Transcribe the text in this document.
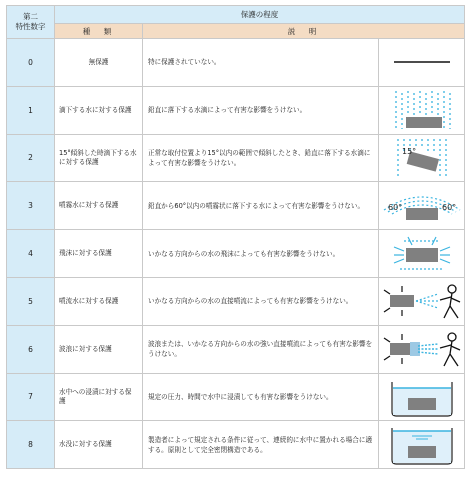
第二
特性数字	保護の程度		
	種　類	説　明	
0	無保護	特に保護されていない。	

1	滴下する水に対する保護	鉛直に落下する水滴によって有害な影響をうけない。	

2	15°傾斜した時滴下する水に対する保護	正常な取付位置より15°以内の範囲で傾斜したとき、鉛直に落下する水滴によって有害な影響をうけない。	15°

3	噴霧水に対する保護	鉛直から60°以内の噴霧状に落下する水によって有害な影響をうけない。	60° 60°

4	飛沫に対する保護	いかなる方向からの水の飛沫によっても有害な影響をうけない。	

5	噴流水に対する保護	いかなる方向からの水の直接噴流によっても有害な影響をうけない。	

6	波浪に対する保護	波浪または、いかなる方向からの水の強い直接噴流によっても有害な影響をうけない。	

7	水中への浸漬に対する保護	規定の圧力、時間で水中に浸漬しても有害な影響をうけない。	

8	水没に対する保護	製造者によって規定される条件に従って、連続的に水中に置かれる場合に適する。原則として完全密閉構造である。	
